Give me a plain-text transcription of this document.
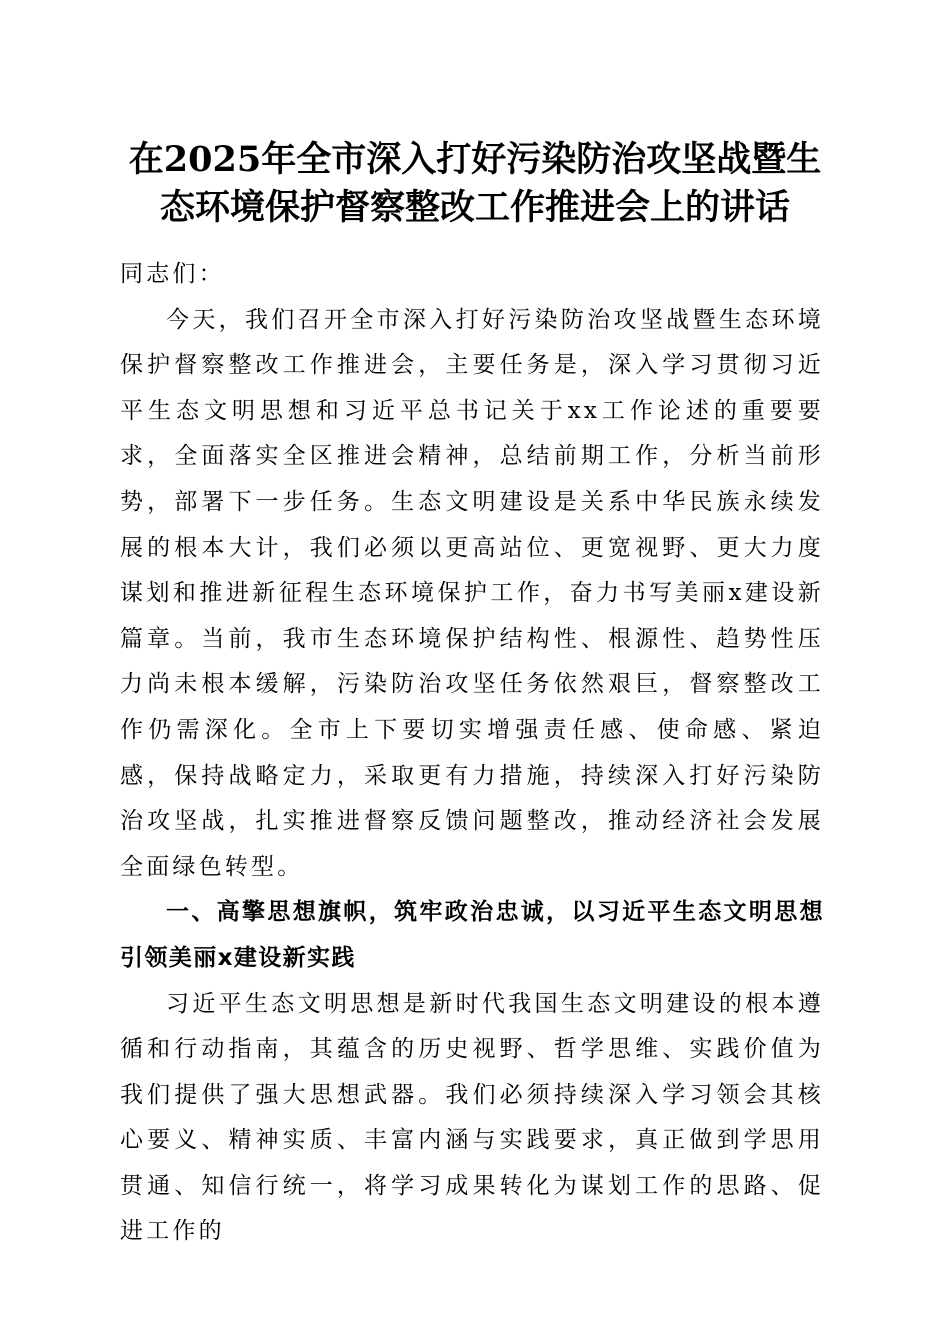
在2025年全市深入打好污染防治攻坚战暨生
态环境保护督察整改工作推进会上的讲话

同志们：

今天，我们召开全市深入打好污染防治攻坚战暨生态环境保护督察整改工作推进会，主要任务是，深入学习贯彻习近平生态文明思想和习近平总书记关于xx工作论述的重要要求，全面落实全区推进会精神，总结前期工作，分析当前形势，部署下一步任务。生态文明建设是关系中华民族永续发展的根本大计，我们必须以更高站位、更宽视野、更大力度谋划和推进新征程生态环境保护工作，奋力书写美丽x建设新篇章。当前，我市生态环境保护结构性、根源性、趋势性压力尚未根本缓解，污染防治攻坚任务依然艰巨，督察整改工作仍需深化。全市上下要切实增强责任感、使命感、紧迫感，保持战略定力，采取更有力措施，持续深入打好污染防治攻坚战，扎实推进督察反馈问题整改，推动经济社会发展全面绿色转型。

一、高擎思想旗帜，筑牢政治忠诚，以习近平生态文明思想引领美丽x建设新实践

习近平生态文明思想是新时代我国生态文明建设的根本遵循和行动指南，其蕴含的历史视野、哲学思维、实践价值为我们提供了强大思想武器。我们必须持续深入学习领会其核心要义、精神实质、丰富内涵与实践要求，真正做到学思用贯通、知信行统一，将学习成果转化为谋划工作的思路、促进工作的
